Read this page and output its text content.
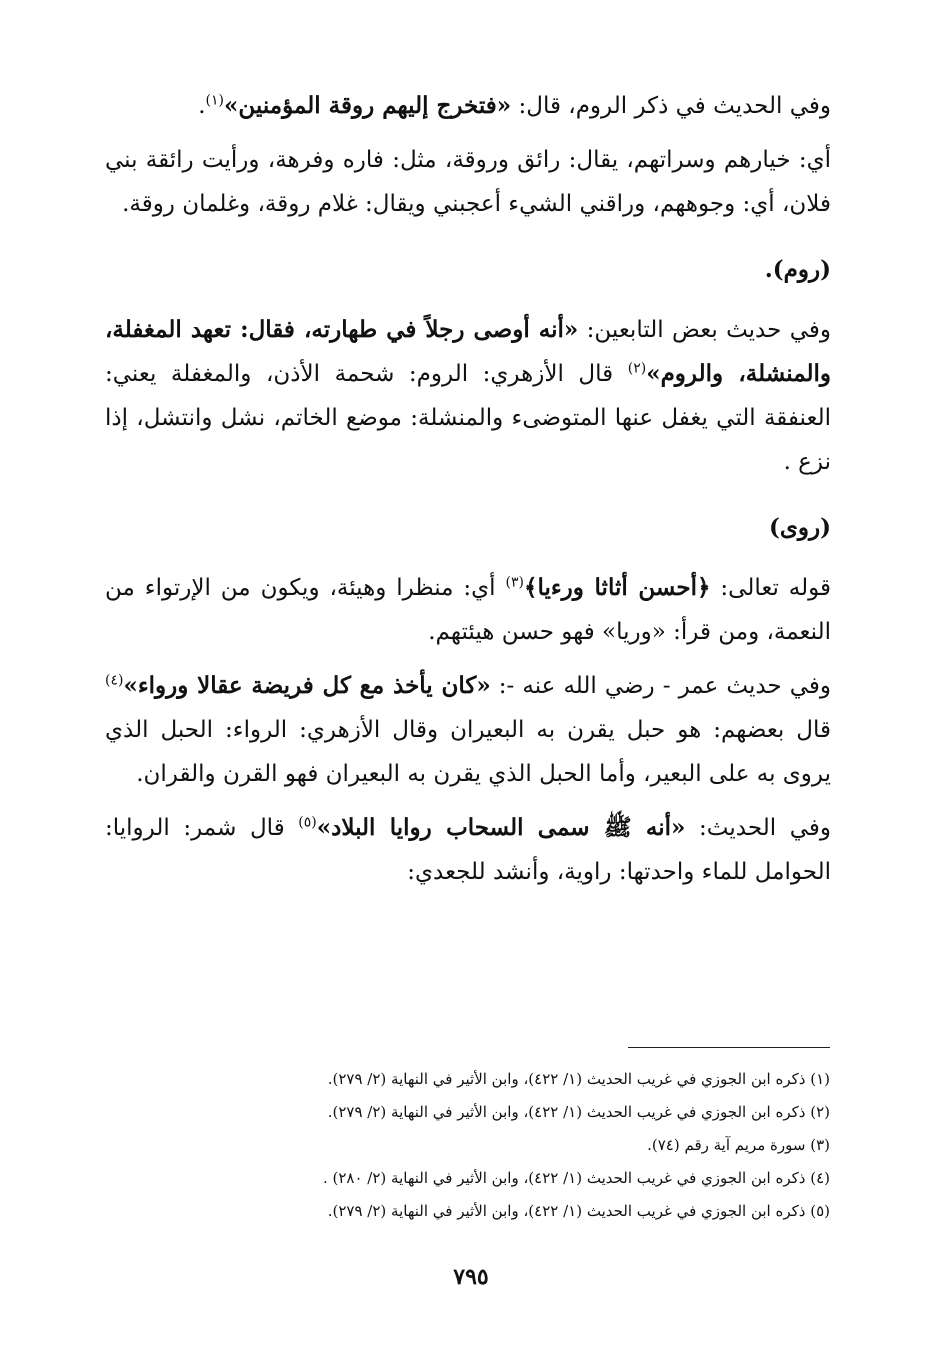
وفي الحديث في ذكر الروم، قال: «فتخرج إليهم روقة المؤمنين»$^{(١)}$.

أي: خيارهم وسراتهم، يقال: رائق وروقة، مثل: فاره وفرهة، ورأيت رائقة بني فلان، أي: وجوههم، وراقني الشيء أعجبني ويقال: غلام روقة، وغلمان روقة.

(روم).

وفي حديث بعض التابعين: «أنه أوصى رجلاً في طهارته، فقال: تعهد المغفلة، والمنشلة، والروم»$^{(٢)}$ قال الأزهري: الروم: شحمة الأذن، والمغفلة يعني: العنفقة التي يغفل عنها المتوضىء والمنشلة: موضع الخاتم، نشل وانتشل، إذا نزع .

(روى)

قوله تعالى: ﴿أحسن أثاثا ورءيا﴾$^{(٣)}$ أي: منظرا وهيئة، ويكون من الإرتواء من النعمة، ومن قرأ: «وريا» فهو حسن هيئتهم.

وفي حديث عمر - رضي الله عنه -: «كان يأخذ مع كل فريضة عقالا ورواء»$^{(٤)}$ قال بعضهم: هو حبل يقرن به البعيران وقال الأزهري: الرواء: الحبل الذي يروى به على البعير، وأما الحبل الذي يقرن به البعيران فهو القرن والقران.

وفي الحديث: «أنه ﷺ سمى السحاب روايا البلاد»$^{(٥)}$ قال شمر: الروايا: الحوامل للماء واحدتها: راوية، وأنشد للجعدي:

(١) ذكره ابن الجوزي في غريب الحديث (١/ ٤٢٢)، وابن الأثير في النهاية (٢/ ٢٧٩).

(٢) ذكره ابن الجوزي في غريب الحديث (١/ ٤٢٢)، وابن الأثير في النهاية (٢/ ٢٧٩).

(٣) سورة مريم آية رقم (٧٤).

(٤) ذكره ابن الجوزي في غريب الحديث (١/ ٤٢٢)، وابن الأثير في النهاية (٢/ ٢٨٠) .

(٥) ذكره ابن الجوزي في غريب الحديث (١/ ٤٢٢)، وابن الأثير في النهاية (٢/ ٢٧٩).

٧٩٥
